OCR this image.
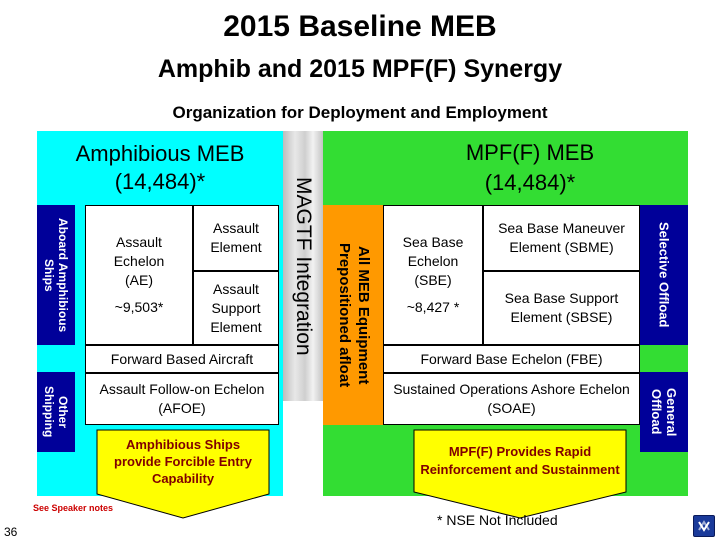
2015 Baseline MEB
Amphib and 2015 MPF(F) Synergy
Organization for Deployment and Employment
Amphibious MEB
(14,484)*
Aboard Amphibious Ships
Other Shipping
Assault Echelon (AE)
~9,503*
Assault Element
Assault Support Element
Forward Based Aircraft
Assault Follow-on Echelon (AFOE)
Amphibious Ships provide Forcible Entry Capability
MAGTF Integration
MPF(F) MEB
(14,484)*
All MEB Equipment Prepositioned afloat
Sea Base Echelon (SBE)
~8,427 *
Sea Base Maneuver Element (SBME)
Sea Base Support Element (SBSE)
Forward Base Echelon (FBE)
Sustained Operations Ashore Echelon (SOAE)
Selective Offload
General Offload
MPF(F) Provides Rapid Reinforcement and Sustainment
See Speaker notes
36
* NSE Not Included
